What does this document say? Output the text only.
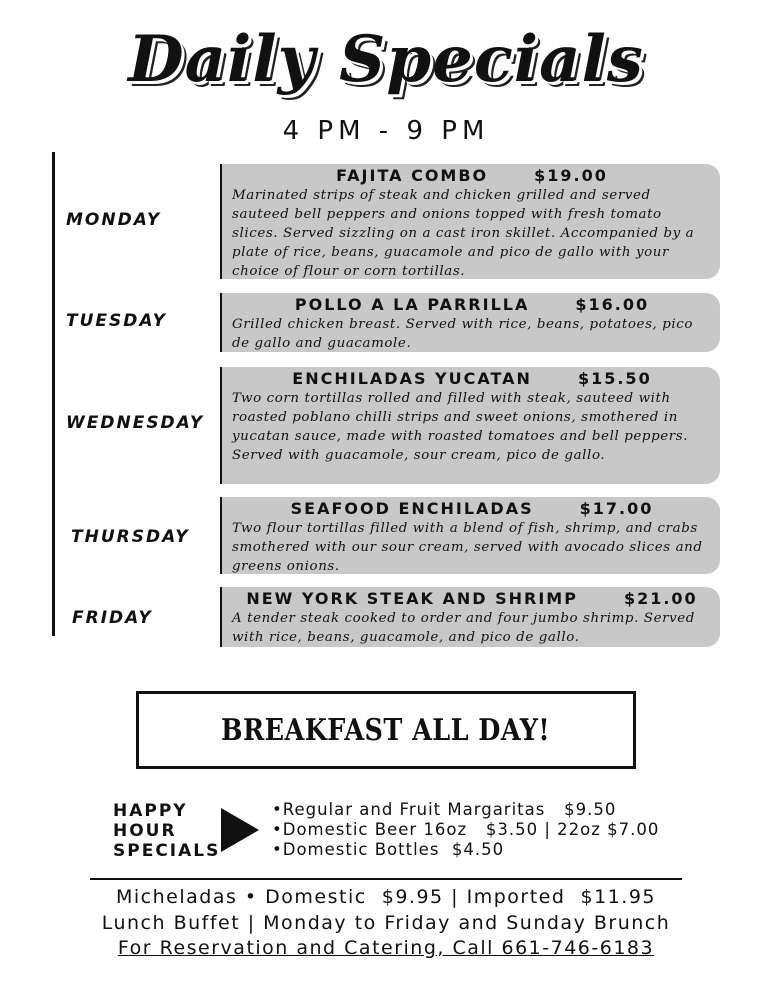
Daily Specials
4 PM - 9 PM
MONDAY
FAJITA COMBO	$19.00
Marinated strips of steak and chicken grilled and served sauteed bell peppers and onions topped with fresh tomato slices. Served sizzling on a cast iron skillet. Accompanied by a plate of rice, beans, guacamole and pico de gallo with your choice of flour or corn tortillas.
TUESDAY
POLLO A LA PARRILLA	$16.00
Grilled chicken breast. Served with rice, beans, potatoes, pico de gallo and guacamole.
WEDNESDAY
ENCHILADAS YUCATAN	$15.50
Two corn tortillas rolled and filled with steak, sauteed with roasted poblano chilli strips and sweet onions, smothered in yucatan sauce, made with roasted tomatoes and bell peppers. Served with guacamole, sour cream, pico de gallo.
THURSDAY
SEAFOOD ENCHILADAS	$17.00
Two flour tortillas filled with a blend of fish, shrimp, and crabs smothered with our sour cream, served with avocado slices and greens onions.
FRIDAY
NEW YORK STEAK AND SHRIMP	$21.00
A tender steak cooked to order and four jumbo shrimp. Served with rice, beans, guacamole, and pico de gallo.
BREAKFAST ALL DAY!
HAPPY
HOUR
SPECIALS
•Regular and Fruit Margaritas   $9.50
•Domestic Beer 16oz   $3.50 | 22oz $7.00
•Domestic Bottles  $4.50
Micheladas • Domestic  $9.95 | Imported  $11.95
Lunch Buffet | Monday to Friday and Sunday Brunch
For Reservation and Catering, Call 661-746-6183
